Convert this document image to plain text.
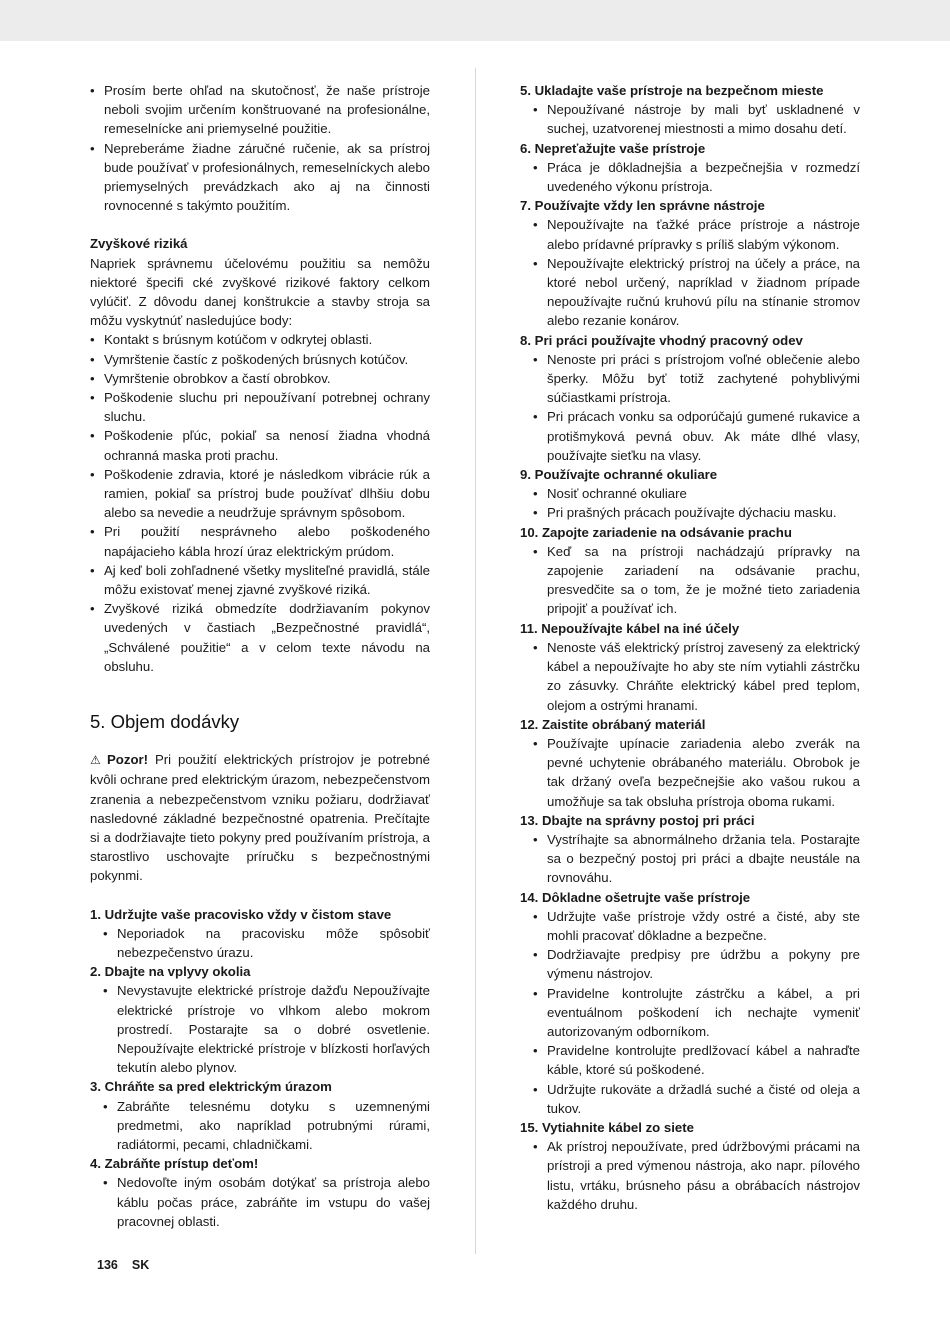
• Prosím berte ohľad na skutočnosť, že naše prístroje neboli svojim určením konštruované na profesionálne, remeselnícke ani priemyselné použitie.
• Nepreberáme žiadne záručné ručenie, ak sa prístroj bude používať v profesionálnych, remeselníckych alebo priemyselných prevádzkach ako aj na činnosti rovnocenné s takýmto použitím.
Zvyškové riziká

Napriek správnemu účelovému použitiu sa nemôžu niektoré špecifi cké zvyškové rizikové faktory celkom vylúčiť. Z dôvodu danej konštrukcie a stavby stroja sa môžu vyskytnúť nasledujúce body:

• Kontakt s brúsnym kotúčom v odkrytej oblasti.
• Vymrštenie častíc z poškodených brúsnych kotúčov.
• Vymrštenie obrobkov a častí obrobkov.
• Poškodenie sluchu pri nepoužívaní potrebnej ochrany sluchu.
• Poškodenie pľúc, pokiaľ sa nenosí žiadna vhodná ochranná maska proti prachu.
• Poškodenie zdravia, ktoré je následkom vibrácie rúk a ramien, pokiaľ sa prístroj bude používať dlhšiu dobu alebo sa nevedie a neudržuje správnym spôsobom.
• Pri použití nesprávneho alebo poškodeného napájacieho kábla hrozí úraz elektrickým prúdom.
• Aj keď boli zohľadnené všetky mysliteľné pravidlá, stále môžu existovať menej zjavné zvyškové riziká.
• Zvyškové riziká obmedzíte dodržiavaním pokynov uvedených v častiach „Bezpečnostné pravidlá“, „Schválené použitie“ a v celom texte návodu na obsluhu.
5. Objem dodávky

⚠ Pozor! Pri použití elektrických prístrojov je potrebné kvôli ochrane pred elektrickým úrazom, nebezpečenstvom zranenia a nebezpečenstvom vzniku požiaru, dodržiavať nasledovné základné bezpečnostné opatrenia. Prečítajte si a dodržiavajte tieto pokyny pred používaním prístroja, a starostlivo uschovajte príručku s bezpečnostnými pokynmi.

1. Udržujte vaše pracovisko vždy v čistom stave
• Neporiadok na pracovisku môže spôsobiť nebezpečenstvo úrazu.
2. Dbajte na vplyvy okolia
• Nevystavujte elektrické prístroje dažďu Nepoužívajte elektrické prístroje vo vlhkom alebo mokrom prostredí. Postarajte sa o dobré osvetlenie. Nepoužívajte elektrické prístroje v blízkosti horľavých tekutín alebo plynov.
3. Chráňte sa pred elektrickým úrazom
• Zabráňte telesnému dotyku s uzemnenými predmetmi, ako napríklad potrubnými rúrami, radiátormi, pecami, chladničkami.
4. Zabráňte prístup deťom!
• Nedovoľte iným osobám dotýkať sa prístroja alebo káblu počas práce, zabráňte im vstupu do vašej pracovnej oblasti.
5. Ukladajte vaše prístroje na bezpečnom mieste
• Nepoužívané nástroje by mali byť uskladnené v suchej, uzatvorenej miestnosti a mimo dosahu detí.
6. Nepreťažujte vaše prístroje
• Práca je dôkladnejšia a bezpečnejšia v rozmedzí uvedeného výkonu prístroja.
7. Používajte vždy len správne nástroje
• Nepoužívajte na ťažké práce prístroje a nástroje alebo prídavné prípravky s príliš slabým výkonom.
• Nepoužívajte elektrický prístroj na účely a práce, na ktoré nebol určený, napríklad v žiadnom prípade nepoužívajte ručnú kruhovú pílu na stínanie stromov alebo rezanie konárov.
8. Pri práci používajte vhodný pracovný odev
• Nenoste pri práci s prístrojom voľné oblečenie alebo šperky. Môžu byť totiž zachytené pohyblivými súčiastkami prístroja.
• Pri prácach vonku sa odporúčajú gumené rukavice a protišmyková pevná obuv. Ak máte dlhé vlasy, používajte sieťku na vlasy.
9. Používajte ochranné okuliare
• Nosiť ochranné okuliare
• Pri prašných prácach používajte dýchaciu masku.
10. Zapojte zariadenie na odsávanie prachu
• Keď sa na prístroji nachádzajú prípravky na zapojenie zariadení na odsávanie prachu, presvedčite sa o tom, že je možné tieto zariadenia pripojiť a používať ich.
11. Nepoužívajte kábel na iné účely
• Nenoste váš elektrický prístroj zavesený za elektrický kábel a nepoužívajte ho aby ste ním vytiahli zástrčku zo zásuvky. Chráňte elektrický kábel pred teplom, olejom a ostrými hranami.
12. Zaistite obrábaný materiál
• Používajte upínacie zariadenia alebo zverák na pevné uchytenie obrábaného materiálu. Obrobok je tak držaný oveľa bezpečnejšie ako vašou rukou a umožňuje sa tak obsluha prístroja oboma rukami.
13. Dbajte na správny postoj pri práci
• Vystríhajte sa abnormálneho držania tela. Postarajte sa o bezpečný postoj pri práci a dbajte neustále na rovnováhu.
14. Dôkladne ošetrujte vaše prístroje
• Udržujte vaše prístroje vždy ostré a čisté, aby ste mohli pracovať dôkladne a bezpečne.
• Dodržiavajte predpisy pre údržbu a pokyny pre výmenu nástrojov.
• Pravidelne kontrolujte zástrčku a kábel, a pri eventuálnom poškodení ich nechajte vymeniť autorizovaným odborníkom.
• Pravidelne kontrolujte predlžovací kábel a nahraďte káble, ktoré sú poškodené.
• Udržujte rukoväte a držadlá suché a čisté od oleja a tukov.
15. Vytiahnite kábel zo siete
• Ak prístroj nepoužívate, pred údržbovými prácami na prístroji a pred výmenou nástroja, ako napr. pílového listu, vrtáku, brúsneho pásu a obrábacích nástrojov každého druhu.
136 SK
